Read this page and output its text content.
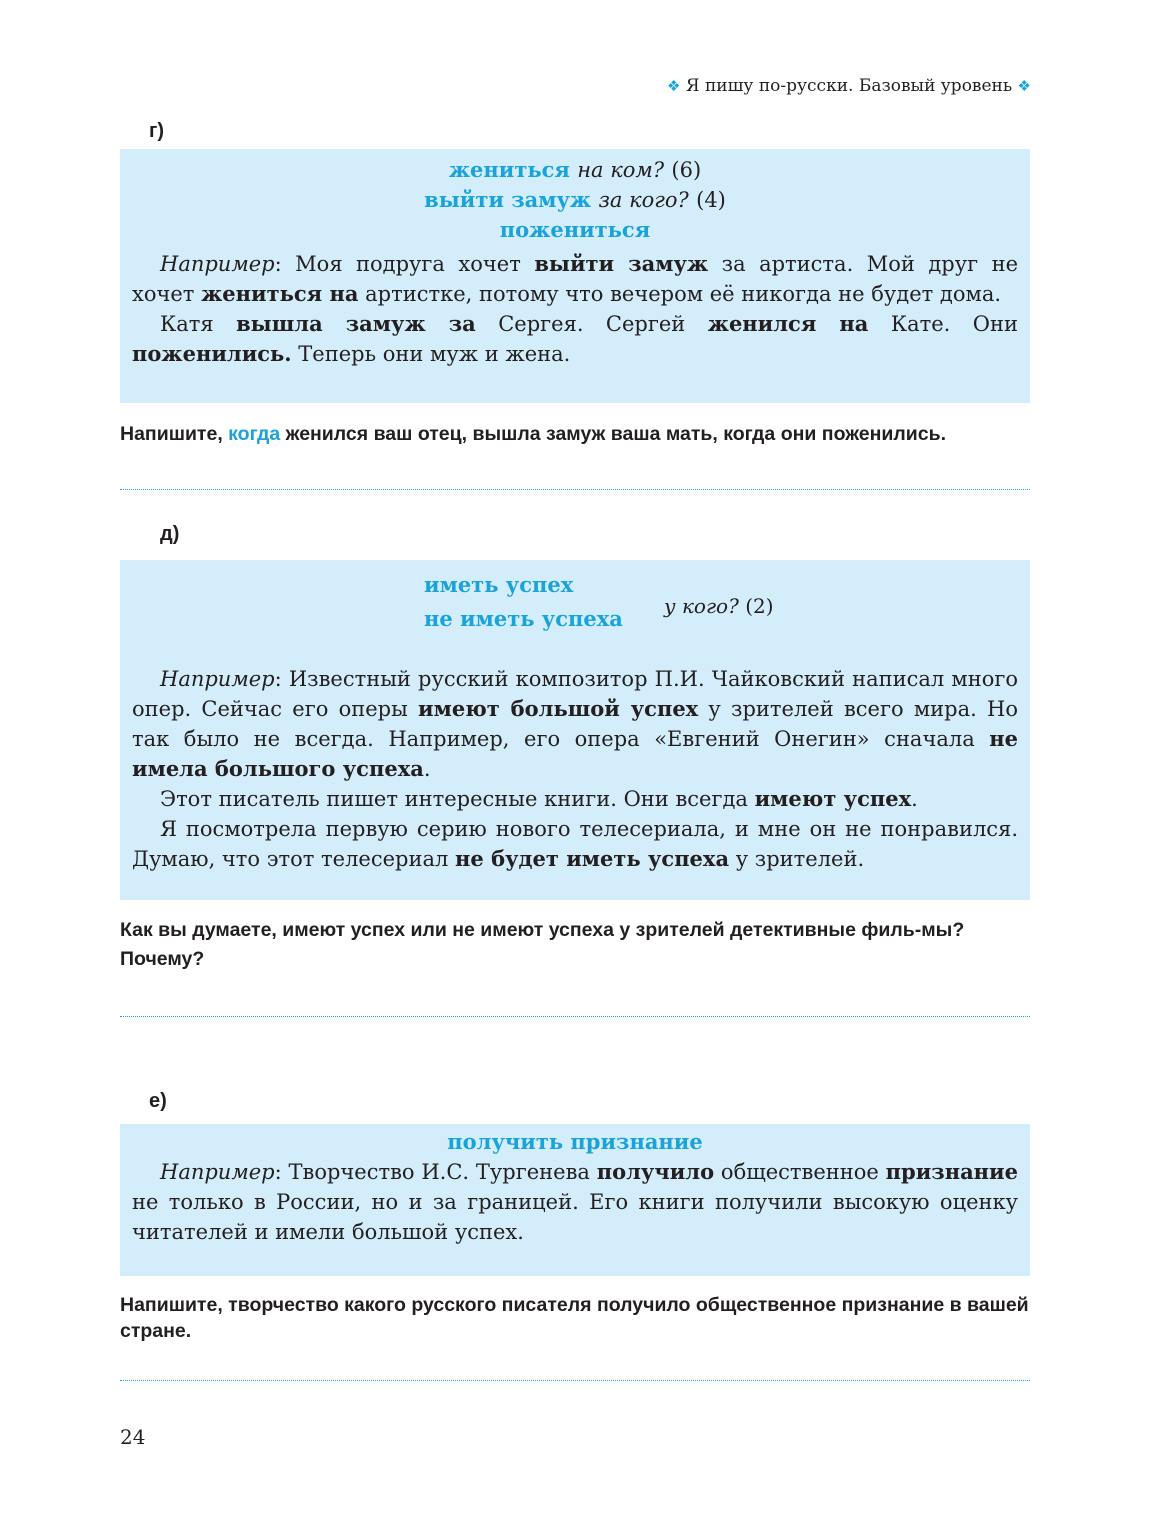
❖ Я пишу по-русски. Базовый уровень ❖
г)
жениться на ком? (6)
выйти замуж за кого? (4)
пожениться

Например: Моя подруга хочет выйти замуж за артиста. Мой друг не хочет жениться на артистке, потому что вечером её никогда не будет дома.

Катя вышла замуж за Сергея. Сергей женился на Кате. Они поженились. Теперь они муж и жена.

Напишите, когда женился ваш отец, вышла замуж ваша мать, когда они поженились.
д)
иметь успех
не иметь успеха у кого? (2)

Например: Известный русский композитор П.И. Чайковский написал много опер. Сейчас его оперы имеют большой успех у зрителей всего мира. Но так было не всегда. Например, его опера «Евгений Онегин» сначала не имела большого успеха.

Этот писатель пишет интересные книги. Они всегда имеют успех.

Я посмотрела первую серию нового телесериала, и мне он не понравился. Думаю, что этот телесериал не будет иметь успеха у зрителей.

Как вы думаете, имеют успех или не имеют успеха у зрителей детективные филь-мы? Почему?
е)
получить признание

Например: Творчество И.С. Тургенева получило общественное признание не только в России, но и за границей. Его книги получили высокую оценку читателей и имели большой успех.

Напишите, творчество какого русского писателя получило общественное признание в вашей стране.
24
